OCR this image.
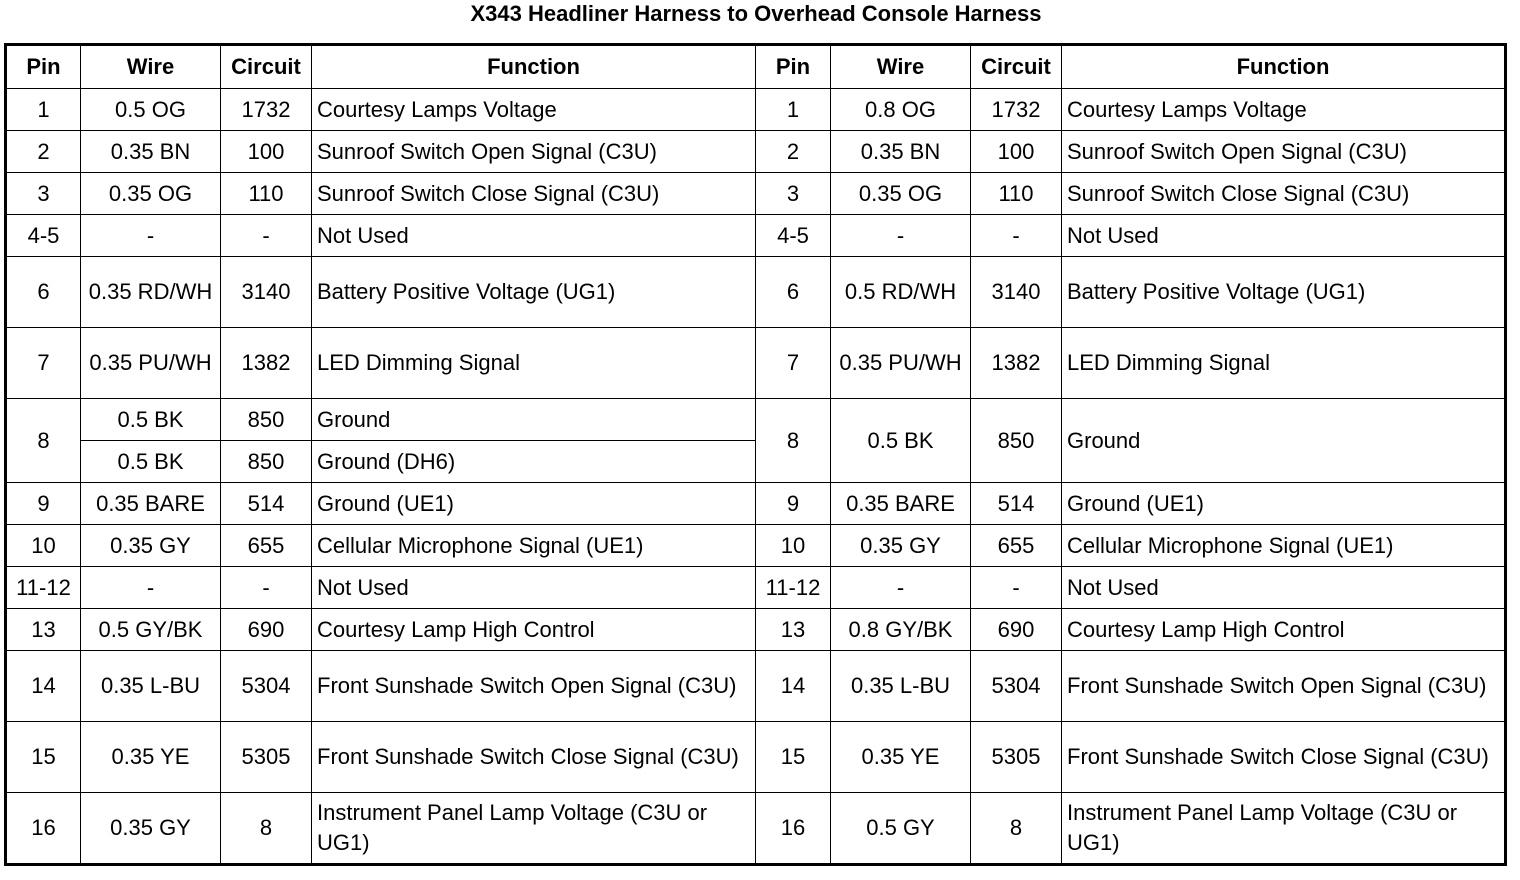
X343 Headliner Harness to Overhead Console Harness
Pin	Wire	Circuit	Function	Pin	Wire	Circuit	Function
1	0.5 OG	1732	Courtesy Lamps Voltage	1	0.8 OG	1732	Courtesy Lamps Voltage
2	0.35 BN	100	Sunroof Switch Open Signal (C3U)	2	0.35 BN	100	Sunroof Switch Open Signal (C3U)
3	0.35 OG	110	Sunroof Switch Close Signal (C3U)	3	0.35 OG	110	Sunroof Switch Close Signal (C3U)
4-5	-	-	Not Used	4-5	-	-	Not Used
6	0.35 RD/WH	3140	Battery Positive Voltage (UG1)	6	0.5 RD/WH	3140	Battery Positive Voltage (UG1)
7	0.35 PU/WH	1382	LED Dimming Signal	7	0.35 PU/WH	1382	LED Dimming Signal
8	0.5 BK	850	Ground	8	0.5 BK	850	Ground
	0.5 BK	850	Ground (DH6)				
9	0.35 BARE	514	Ground (UE1)	9	0.35 BARE	514	Ground (UE1)
10	0.35 GY	655	Cellular Microphone Signal (UE1)	10	0.35 GY	655	Cellular Microphone Signal (UE1)
11-12	-	-	Not Used	11-12	-	-	Not Used
13	0.5 GY/BK	690	Courtesy Lamp High Control	13	0.8 GY/BK	690	Courtesy Lamp High Control
14	0.35 L-BU	5304	Front Sunshade Switch Open Signal (C3U)	14	0.35 L-BU	5304	Front Sunshade Switch Open Signal (C3U)
15	0.35 YE	5305	Front Sunshade Switch Close Signal (C3U)	15	0.35 YE	5305	Front Sunshade Switch Close Signal (C3U)
16	0.35 GY	8	Instrument Panel Lamp Voltage (C3U or UG1)	16	0.5 GY	8	Instrument Panel Lamp Voltage (C3U or UG1)
